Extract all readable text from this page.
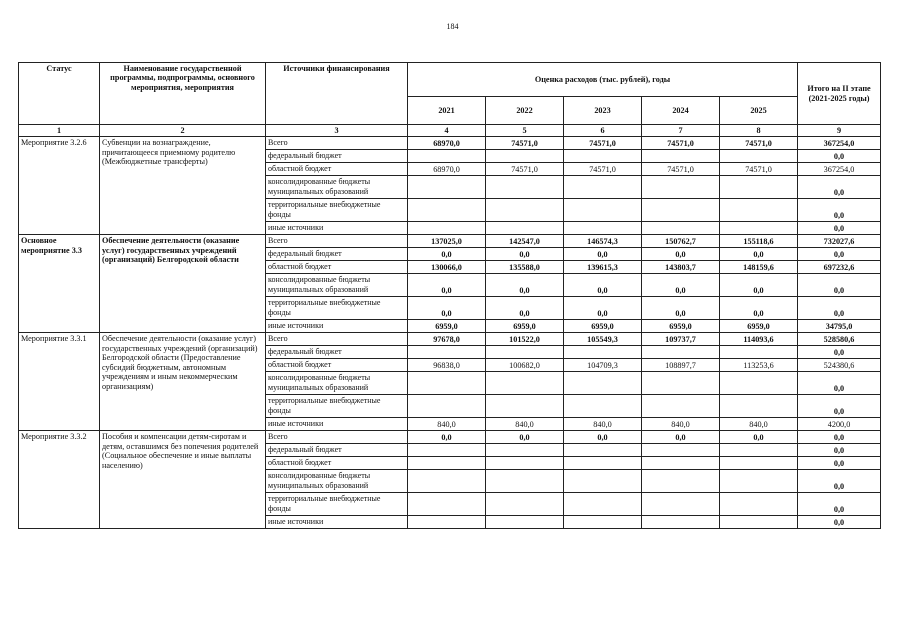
184
Статус	Наименование государственной программы, подпрограммы, основного мероприятия, мероприятия	Источники финансирования	Оценка расходов (тыс. рублей), годы					Итого на II этапе (2021-2025 годы)
			2021	2022	2023	2024	2025	
1	2	3	4	5	6	7	8	9
Мероприятие 3.2.6	Субвенции на вознаграждение, причитающееся приемному родителю (Межбюджетные трансферты)	Всего	68970,0	74571,0	74571,0	74571,0	74571,0	367254,0
		федеральный бюджет						0,0
		областной бюджет	68970,0	74571,0	74571,0	74571,0	74571,0	367254,0
		консолидированные бюджеты муниципальных образований						0,0
		территориальные внебюджетные фонды						0,0
		иные источники						0,0
Основное мероприятие 3.3	Обеспечение деятельности (оказание услуг) государственных учреждений (организаций) Белгородской области	Всего	137025,0	142547,0	146574,3	150762,7	155118,6	732027,6
		федеральный бюджет	0,0	0,0	0,0	0,0	0,0	0,0
		областной бюджет	130066,0	135588,0	139615,3	143803,7	148159,6	697232,6
		консолидированные бюджеты муниципальных образований	0,0	0,0	0,0	0,0	0,0	0,0
		территориальные внебюджетные фонды	0,0	0,0	0,0	0,0	0,0	0,0
		иные источники	6959,0	6959,0	6959,0	6959,0	6959,0	34795,0
Мероприятие 3.3.1	Обеспечение деятельности (оказание услуг) государственных учреждений (организаций) Белгородской области (Предоставление субсидий бюджетным, автономным учреждениям и иным некоммерческим организациям)	Всего	97678,0	101522,0	105549,3	109737,7	114093,6	528580,6
		федеральный бюджет						0,0
		областной бюджет	96838,0	100682,0	104709,3	108897,7	113253,6	524380,6
		консолидированные бюджеты муниципальных образований						0,0
		территориальные внебюджетные фонды						0,0
		иные источники	840,0	840,0	840,0	840,0	840,0	4200,0
Мероприятие 3.3.2	Пособия и компенсации детям-сиротам и детям, оставшимся без попечения родителей (Социальное обеспечение и иные выплаты населению)	Всего	0,0	0,0	0,0	0,0	0,0	0,0
		федеральный бюджет						0,0
		областной бюджет						0,0
		консолидированные бюджеты муниципальных образований						0,0
		территориальные внебюджетные фонды						0,0
		иные источники						0,0
